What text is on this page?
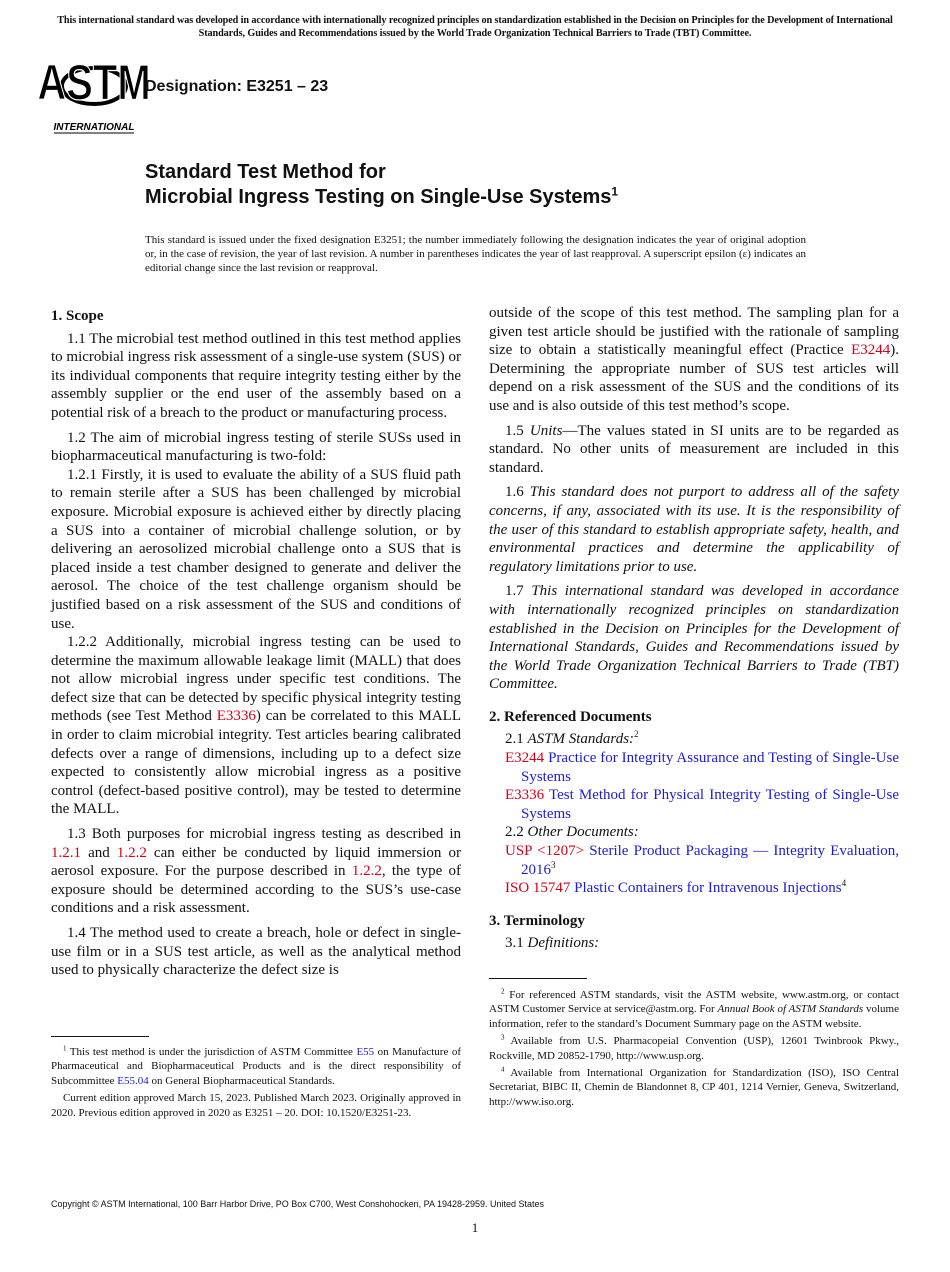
This international standard was developed in accordance with internationally recognized principles on standardization established in the Decision on Principles for the Development of International Standards, Guides and Recommendations issued by the World Trade Organization Technical Barriers to Trade (TBT) Committee.
ASTM
INTERNATIONAL
Designation: E3251 – 23
Standard Test Method for
Microbial Ingress Testing on Single-Use Systems$^1$
This standard is issued under the fixed designation E3251; the number immediately following the designation indicates the year of original adoption or, in the case of revision, the year of last revision. A number in parentheses indicates the year of last reapproval. A superscript epsilon (ε) indicates an editorial change since the last revision or reapproval.
1. Scope

1.1 The microbial test method outlined in this test method applies to microbial ingress risk assessment of a single-use system (SUS) or its individual components that require integrity testing either by the assembly supplier or the end user of the assembly based on a potential risk of a breach to the product or manufacturing process.

1.2 The aim of microbial ingress testing of sterile SUSs used in biopharmaceutical manufacturing is two-fold:

1.2.1 Firstly, it is used to evaluate the ability of a SUS fluid path to remain sterile after a SUS has been challenged by microbial exposure. Microbial exposure is achieved either by directly placing a SUS into a container of microbial challenge solution, or by delivering an aerosolized microbial challenge onto a SUS that is placed inside a test chamber designed to generate and deliver the aerosol. The choice of the test challenge organism should be justified based on a risk assessment of the SUS and conditions of use.

1.2.2 Additionally, microbial ingress testing can be used to determine the maximum allowable leakage limit (MALL) that does not allow microbial ingress under specific test conditions. The defect size that can be detected by specific physical integrity testing methods (see Test Method E3336) can be correlated to this MALL in order to claim microbial integrity. Test articles bearing calibrated defects over a range of dimensions, including up to a defect size expected to consistently allow microbial ingress as a positive control (defect-based positive control), may be tested to determine the MALL.

1.3 Both purposes for microbial ingress testing as described in 1.2.1 and 1.2.2 can either be conducted by liquid immersion or aerosol exposure. For the purpose described in 1.2.2, the type of exposure should be determined according to the SUS’s use-case conditions and a risk assessment.

1.4 The method used to create a breach, hole or defect in single-use film or in a SUS test article, as well as the analytical method used to physically characterize the defect size is

outside of the scope of this test method. The sampling plan for a given test article should be justified with the rationale of sampling size to obtain a statistically meaningful effect (Practice E3244). Determining the appropriate number of SUS test articles will depend on a risk assessment of the SUS and the conditions of its use and is also outside of this test method’s scope.

1.5 Units—The values stated in SI units are to be regarded as standard. No other units of measurement are included in this standard.

1.6 This standard does not purport to address all of the safety concerns, if any, associated with its use. It is the responsibility of the user of this standard to establish appropriate safety, health, and environmental practices and determine the applicability of regulatory limitations prior to use.

1.7 This international standard was developed in accordance with internationally recognized principles on standardization established in the Decision on Principles for the Development of International Standards, Guides and Recommendations issued by the World Trade Organization Technical Barriers to Trade (TBT) Committee.

2. Referenced Documents

2.1 ASTM Standards:$^2$

E3244 Practice for Integrity Assurance and Testing of Single-Use Systems

E3336 Test Method for Physical Integrity Testing of Single-Use Systems

2.2 Other Documents:

USP <1207> Sterile Product Packaging — Integrity Evaluation, 2016$^3$

ISO 15747 Plastic Containers for Intravenous Injections$^4$

3. Terminology

3.1 Definitions:

$^1$ This test method is under the jurisdiction of ASTM Committee E55 on Manufacture of Pharmaceutical and Biopharmaceutical Products and is the direct responsibility of Subcommittee E55.04 on General Biopharmaceutical Standards.

Current edition approved March 15, 2023. Published March 2023. Originally approved in 2020. Previous edition approved in 2020 as E3251 – 20. DOI: 10.1520/E3251-23.

$^2$ For referenced ASTM standards, visit the ASTM website, www.astm.org, or contact ASTM Customer Service at service@astm.org. For Annual Book of ASTM Standards volume information, refer to the standard’s Document Summary page on the ASTM website.

$^3$ Available from U.S. Pharmacopeial Convention (USP), 12601 Twinbrook Pkwy., Rockville, MD 20852-1790, http://www.usp.org.

$^4$ Available from International Organization for Standardization (ISO), ISO Central Secretariat, BIBC II, Chemin de Blandonnet 8, CP 401, 1214 Vernier, Geneva, Switzerland, http://www.iso.org.

Copyright © ASTM International, 100 Barr Harbor Drive, PO Box C700, West Conshohocken, PA 19428-2959. United States
1
